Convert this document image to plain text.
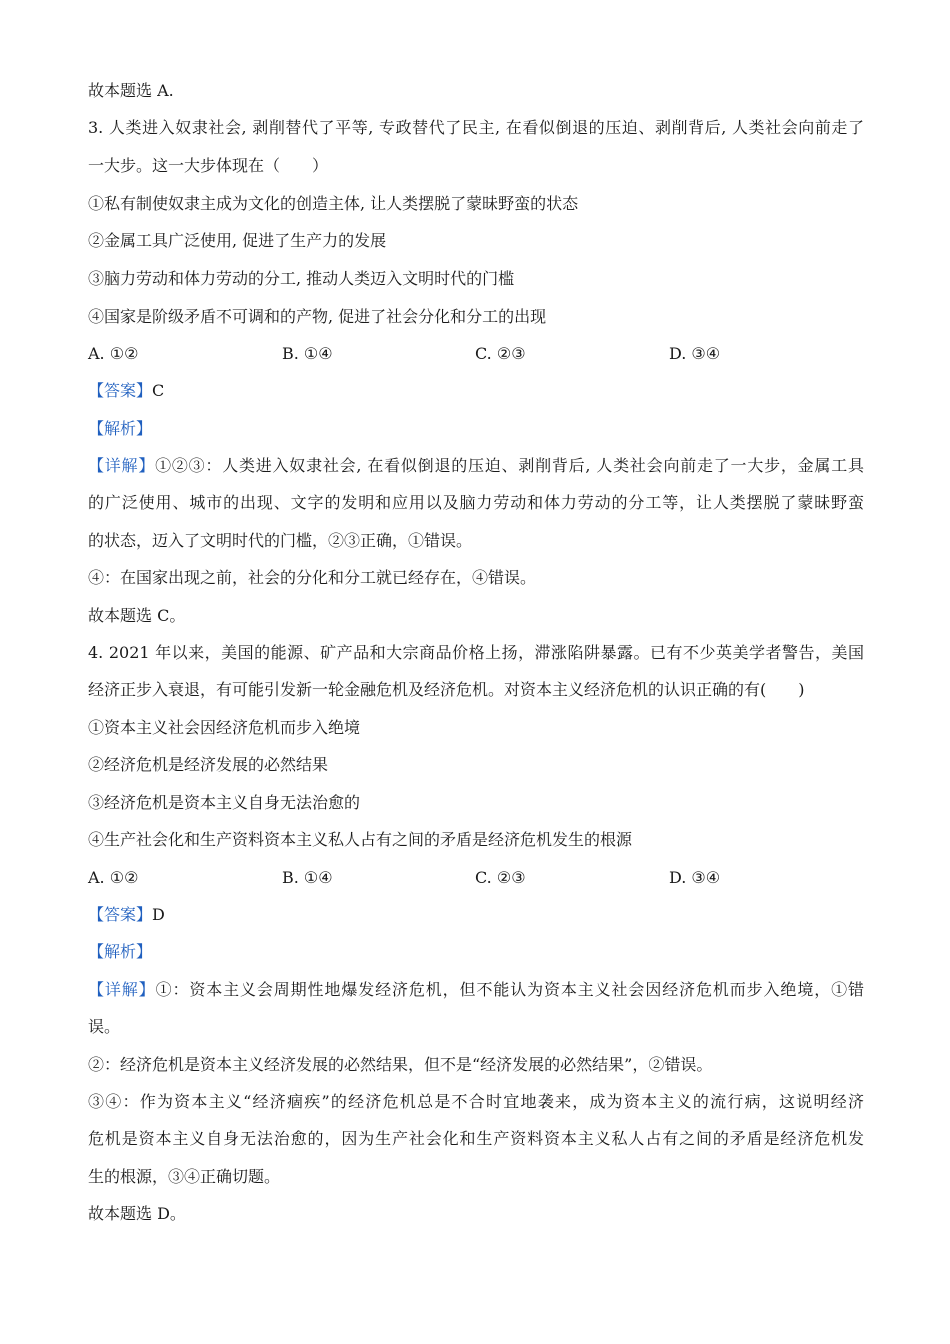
故本题选 A.
3. 人类进入奴隶社会, 剥削替代了平等, 专政替代了民主, 在看似倒退的压迫、剥削背后, 人类社会向前走了
一大步。这一大步体现在（　　）
①私有制使奴隶主成为文化的创造主体, 让人类摆脱了蒙昧野蛮的状态
②金属工具广泛使用, 促进了生产力的发展
③脑力劳动和体力劳动的分工, 推动人类迈入文明时代的门槛
④国家是阶级矛盾不可调和的产物, 促进了社会分化和分工的出现
A. ①②	B. ①④	C. ②③	D. ③④
【答案】C
【解析】
【详解】①②③：人类进入奴隶社会, 在看似倒退的压迫、剥削背后, 人类社会向前走了一大步，金属工具
的广泛使用、城市的出现、文字的发明和应用以及脑力劳动和体力劳动的分工等，让人类摆脱了蒙昧野蛮
的状态，迈入了文明时代的门槛，②③正确，①错误。
④：在国家出现之前，社会的分化和分工就已经存在，④错误。
故本题选 C。
4. 2021 年以来，美国的能源、矿产品和大宗商品价格上扬，滞涨陷阱暴露。已有不少英美学者警告，美国
经济正步入衰退，有可能引发新一轮金融危机及经济危机。对资本主义经济危机的认识正确的有(　　)
①资本主义社会因经济危机而步入绝境
②经济危机是经济发展的必然结果
③经济危机是资本主义自身无法治愈的
④生产社会化和生产资料资本主义私人占有之间的矛盾是经济危机发生的根源
A. ①②	B. ①④	C. ②③	D. ③④
【答案】D
【解析】
【详解】①：资本主义会周期性地爆发经济危机，但不能认为资本主义社会因经济危机而步入绝境，①错
误。
②：经济危机是资本主义经济发展的必然结果，但不是“经济发展的必然结果”，②错误。
③④：作为资本主义“经济痼疾”的经济危机总是不合时宜地袭来，成为资本主义的流行病，这说明经济
危机是资本主义自身无法治愈的，因为生产社会化和生产资料资本主义私人占有之间的矛盾是经济危机发
生的根源，③④正确切题。
故本题选 D。
